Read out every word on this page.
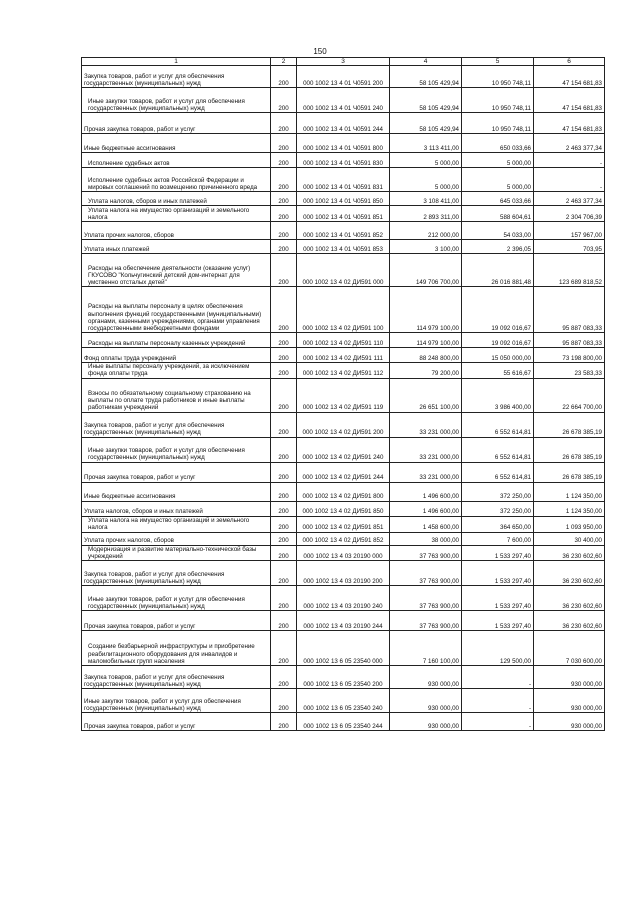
150
1	2	3	4	5	6
Закупка товаров, работ и услуг для обеспечения государственных (муниципальных) нужд	200	000 1002 13 4 01 Ч0591 200	58 105 429,94	10 950 748,11	47 154 681,83
Иные закупки товаров, работ и услуг для обеспечения государственных (муниципальных) нужд	200	000 1002 13 4 01 Ч0591 240	58 105 429,94	10 950 748,11	47 154 681,83
Прочая закупка товаров, работ и услуг	200	000 1002 13 4 01 Ч0591 244	58 105 429,94	10 950 748,11	47 154 681,83
Иные бюджетные ассигнования	200	000 1002 13 4 01 Ч0591 800	3 113 411,00	650 033,66	2 463 377,34
Исполнение судебных актов	200	000 1002 13 4 01 Ч0591 830	5 000,00	5 000,00	-
Исполнение судебных актов Российской Федерации и мировых соглашений по возмещению причиненного вреда	200	000 1002 13 4 01 Ч0591 831	5 000,00	5 000,00	-
Уплата налогов, сборов и иных платежей	200	000 1002 13 4 01 Ч0591 850	3 108 411,00	645 033,66	2 463 377,34
Уплата налога на имущество организаций и земельного налога	200	000 1002 13 4 01 Ч0591 851	2 893 311,00	588 604,61	2 304 706,39
Уплата прочих налогов, сборов	200	000 1002 13 4 01 Ч0591 852	212 000,00	54 033,00	157 967,00
Уплата иных платежей	200	000 1002 13 4 01 Ч0591 853	3 100,00	2 396,05	703,95
Расходы на обеспечение деятельности (оказание услуг) ГКУСОВО "Кольчугинский детский дом-интернат для умственно отсталых детей"	200	000 1002 13 4 02 ДИ591 000	149 706 700,00	26 016 881,48	123 689 818,52
Расходы на выплаты персоналу в целях обеспечения выполнения функций государственными (муниципальными) органами, казенными учреждениями, органами управления государственными внебюджетными фондами	200	000 1002 13 4 02 ДИ591 100	114 979 100,00	19 092 016,67	95 887 083,33
Расходы на выплаты персоналу казенных учреждений	200	000 1002 13 4 02 ДИ591 110	114 979 100,00	19 092 016,67	95 887 083,33
Фонд оплаты труда учреждений	200	000 1002 13 4 02 ДИ591 111	88 248 800,00	15 050 000,00	73 198 800,00
Иные выплаты персоналу учреждений, за исключением фонда оплаты труда	200	000 1002 13 4 02 ДИ591 112	79 200,00	55 616,67	23 583,33
Взносы по обязательному социальному страхованию на выплаты по оплате труда работников и иные выплаты работникам учреждений	200	000 1002 13 4 02 ДИ591 119	26 651 100,00	3 986 400,00	22 664 700,00
Закупка товаров, работ и услуг для обеспечения государственных (муниципальных) нужд	200	000 1002 13 4 02 ДИ591 200	33 231 000,00	6 552 614,81	26 678 385,19
Иные закупки товаров, работ и услуг для обеспечения государственных (муниципальных) нужд	200	000 1002 13 4 02 ДИ591 240	33 231 000,00	6 552 614,81	26 678 385,19
Прочая закупка товаров, работ и услуг	200	000 1002 13 4 02 ДИ591 244	33 231 000,00	6 552 614,81	26 678 385,19
Иные бюджетные ассигнования	200	000 1002 13 4 02 ДИ591 800	1 496 600,00	372 250,00	1 124 350,00
Уплата налогов, сборов и иных платежей	200	000 1002 13 4 02 ДИ591 850	1 496 600,00	372 250,00	1 124 350,00
Уплата налога на имущество организаций и земельного налога	200	000 1002 13 4 02 ДИ591 851	1 458 600,00	364 650,00	1 093 950,00
Уплата прочих налогов, сборов	200	000 1002 13 4 02 ДИ591 852	38 000,00	7 600,00	30 400,00
Модернизация и развитие материально-технической базы учреждений	200	000 1002 13 4 03 20190 000	37 763 900,00	1 533 297,40	36 230 602,60
Закупка товаров, работ и услуг для обеспечения государственных (муниципальных) нужд	200	000 1002 13 4 03 20190 200	37 763 900,00	1 533 297,40	36 230 602,60
Иные закупки товаров, работ и услуг для обеспечения государственных (муниципальных) нужд	200	000 1002 13 4 03 20190 240	37 763 900,00	1 533 297,40	36 230 602,60
Прочая закупка товаров, работ и услуг	200	000 1002 13 4 03 20190 244	37 763 900,00	1 533 297,40	36 230 602,60
Создание безбарьерной инфраструктуры и приобретение реабилитационного оборудования для инвалидов и маломобильных групп населения	200	000 1002 13 6 05 23540 000	7 160 100,00	129 500,00	7 030 600,00
Закупка товаров, работ и услуг для обеспечения государственных (муниципальных) нужд	200	000 1002 13 6 05 23540 200	930 000,00	-	930 000,00
Иные закупки товаров, работ и услуг для обеспечения государственных (муниципальных) нужд	200	000 1002 13 6 05 23540 240	930 000,00	-	930 000,00
Прочая закупка товаров, работ и услуг	200	000 1002 13 6 05 23540 244	930 000,00	-	930 000,00
